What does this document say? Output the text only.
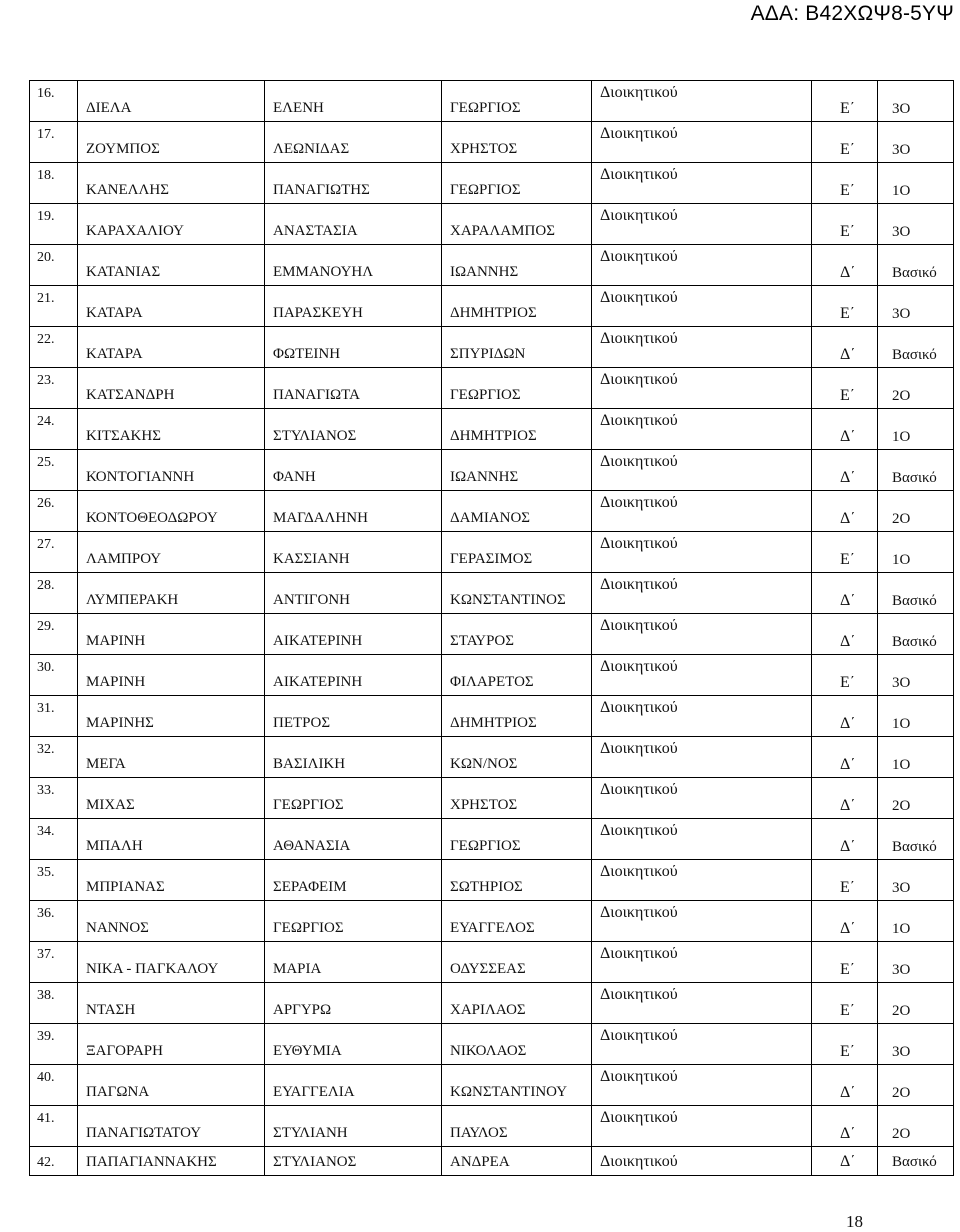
ΑΔΑ: Β42ΧΩΨ8-5ΥΨ
16.	ΔΙΕΛΑ	ΕΛΕΝΗ	ΓΕΩΡΓΙΟΣ	Διοικητικού	Ε΄	3Ο

17.	ΖΟΥΜΠΟΣ	ΛΕΩΝΙΔΑΣ	ΧΡΗΣΤΟΣ	Διοικητικού	Ε΄	3Ο

18.	ΚΑΝΕΛΛΗΣ	ΠΑΝΑΓΙΩΤΗΣ	ΓΕΩΡΓΙΟΣ	Διοικητικού	Ε΄	1Ο

19.	ΚΑΡΑΧΑΛΙΟΥ	ΑΝΑΣΤΑΣΙΑ	ΧΑΡΑΛΑΜΠΟΣ	Διοικητικού	Ε΄	3Ο

20.	ΚΑΤΑΝΙΑΣ	ΕΜΜΑΝΟΥΗΛ	ΙΩΑΝΝΗΣ	Διοικητικού	Δ΄	Βασικό

21.	ΚΑΤΑΡΑ	ΠΑΡΑΣΚΕΥΗ	ΔΗΜΗΤΡΙΟΣ	Διοικητικού	Ε΄	3Ο

22.	ΚΑΤΑΡΑ	ΦΩΤΕΙΝΗ	ΣΠΥΡΙΔΩΝ	Διοικητικού	Δ΄	Βασικό

23.	ΚΑΤΣΑΝΔΡΗ	ΠΑΝΑΓΙΩΤΑ	ΓΕΩΡΓΙΟΣ	Διοικητικού	Ε΄	2Ο

24.	ΚΙΤΣΑΚΗΣ	ΣΤΥΛΙΑΝΟΣ	ΔΗΜΗΤΡΙΟΣ	Διοικητικού	Δ΄	1Ο

25.	ΚΟΝΤΟΓΙΑΝΝΗ	ΦΑΝΗ	ΙΩΑΝΝΗΣ	Διοικητικού	Δ΄	Βασικό

26.	ΚΟΝΤΟΘΕΟΔΩΡΟΥ	ΜΑΓΔΑΛΗΝΗ	ΔΑΜΙΑΝΟΣ	Διοικητικού	Δ΄	2Ο

27.	ΛΑΜΠΡΟΥ	ΚΑΣΣΙΑΝΗ	ΓΕΡΑΣΙΜΟΣ	Διοικητικού	Ε΄	1Ο

28.	ΛΥΜΠΕΡΑΚΗ	ΑΝΤΙΓΟΝΗ	ΚΩΝΣΤΑΝΤΙΝΟΣ	Διοικητικού	Δ΄	Βασικό

29.	ΜΑΡΙΝΗ	ΑΙΚΑΤΕΡΙΝΗ	ΣΤΑΥΡΟΣ	Διοικητικού	Δ΄	Βασικό

30.	ΜΑΡΙΝΗ	ΑΙΚΑΤΕΡΙΝΗ	ΦΙΛΑΡΕΤΟΣ	Διοικητικού	Ε΄	3Ο

31.	ΜΑΡΙΝΗΣ	ΠΕΤΡΟΣ	ΔΗΜΗΤΡΙΟΣ	Διοικητικού	Δ΄	1Ο

32.	ΜΕΓΑ	ΒΑΣΙΛΙΚΗ	ΚΩΝ/ΝΟΣ	Διοικητικού	Δ΄	1Ο

33.	ΜΙΧΑΣ	ΓΕΩΡΓΙΟΣ	ΧΡΗΣΤΟΣ	Διοικητικού	Δ΄	2Ο

34.	ΜΠΑΛΗ	ΑΘΑΝΑΣΙΑ	ΓΕΩΡΓΙΟΣ	Διοικητικού	Δ΄	Βασικό

35.	ΜΠΡΙΑΝΑΣ	ΣΕΡΑΦΕΙΜ	ΣΩΤΗΡΙΟΣ	Διοικητικού	Ε΄	3Ο

36.	ΝΑΝΝΟΣ	ΓΕΩΡΓΙΟΣ	ΕΥΑΓΓΕΛΟΣ	Διοικητικού	Δ΄	1Ο

37.	ΝΙΚΑ - ΠΑΓΚΑΛΟΥ	ΜΑΡΙΑ	ΟΔΥΣΣΕΑΣ	Διοικητικού	Ε΄	3Ο

38.	ΝΤΑΣΗ	ΑΡΓΥΡΩ	ΧΑΡΙΛΑΟΣ	Διοικητικού	Ε΄	2Ο

39.	ΞΑΓΟΡΑΡΗ	ΕΥΘΥΜΙΑ	ΝΙΚΟΛΑΟΣ	Διοικητικού	Ε΄	3Ο

40.	ΠΑΓΩΝΑ	ΕΥΑΓΓΕΛΙΑ	ΚΩΝΣΤΑΝΤΙΝΟΥ	Διοικητικού	Δ΄	2Ο

41.	ΠΑΝΑΓΙΩΤΑΤΟΥ	ΣΤΥΛΙΑΝΗ	ΠΑΥΛΟΣ	Διοικητικού	Δ΄	2Ο

42.	ΠΑΠΑΓΙΑΝΝΑΚΗΣ	ΣΤΥΛΙΑΝΟΣ	ΑΝΔΡΕΑ	Διοικητικού	Δ΄	Βασικό
18
